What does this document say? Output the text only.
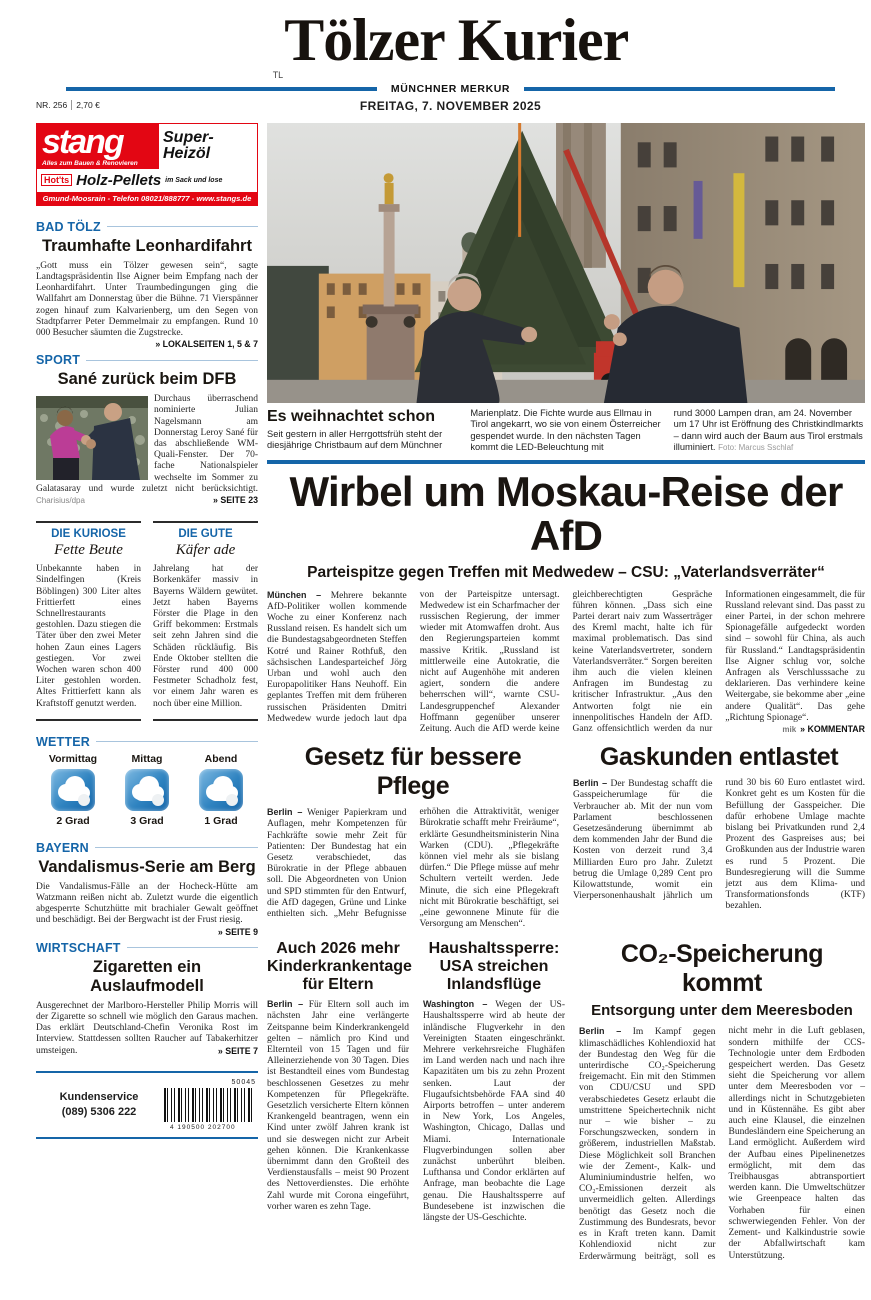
TLTölzer Kurier
MÜNCHNER MERKUR
NR. 256 2,70 €	FREITAG, 7. NOVEMBER 2025
stang
Alles zum Bauen & Renovieren
Super-Heizöl
Hot'ts Holz-Pellets im Sack und lose
Gmund-Moosrain - Telefon 08021/888777 - www.stangs.de
BAD TÖLZ
Traumhafte Leonhardifahrt

„Gott muss ein Tölzer gewesen sein“, sagte Landtagspräsidentin Ilse Aigner beim Empfang nach der Leonhardifahrt. Unter Traumbedingungen ging die Wallfahrt am Donnerstag über die Bühne. 71 Vierspänner zogen hinauf zum Kalvarienberg, um den Segen von Stadtpfarrer Peter Demmelmair zu empfangen. Rund 10 000 Besucher säumten die Zugstrecke.
» LOKALSEITEN 1, 5 & 7

SPORT
Sané zurück beim DFB
Durchaus überraschend nominierte Julian Nagelsmann am Donnerstag Leroy Sané für das abschließende WM-Quali-Fenster. Der 70-fache Nationalspieler wechselte im Sommer zu Galatasaray und wurde zuletzt nicht berücksichtigt. Charisius/dpa	» SEITE 23
DIE KURIOSE
Fette Beute

Unbekannte haben in Sindelfingen (Kreis Böblingen) 300 Liter altes Frittierfett eines Schnellrestaurants gestohlen. Dazu stiegen die Täter über den zwei Meter hohen Zaun eines Lagers gestiegen. Vor zwei Wochen waren schon 400 Liter gestohlen worden. Altes Frittierfett kann als Kraftstoff genutzt werden.

DIE GUTE
Käfer ade

Jahrelang hat der Borkenkäfer massiv in Bayerns Wäldern gewütet. Jetzt haben Bayerns Förster die Plage in den Griff bekommen: Erstmals seit zehn Jahren sind die Schäden rückläufig. Bis Ende Oktober stellten die Förster rund 400 000 Festmeter Schadholz fest, vor einem Jahr waren es noch über eine Million.

WETTER
Vormittag
2 Grad
Mittag
3 Grad
Abend
1 Grad
BAYERN
Vandalismus-Serie am Berg

Die Vandalismus-Fälle an der Hocheck-Hütte am Watzmann reißen nicht ab. Zuletzt wurde die eigentlich abgesperrte Schutzhütte mit brachialer Gewalt geöffnet und beschädigt. Bei der Bergwacht ist der Frust riesig.
» SEITE 9

WIRTSCHAFT
Zigaretten ein Auslaufmodell

Ausgerechnet der Marlboro-Hersteller Philip Morris will der Zigarette so schnell wie möglich den Garaus machen. Das erklärt Deutschland-Chefin Veronika Rost im Interview. Stattdessen sollten Raucher auf Tabakerhitzer umsteigen.	» SEITE 7

Kundenservice
(089) 5306 222
50045
4 190500 202700
Es weihnachtet schon

Seit gestern in aller Herrgottsfrüh steht der diesjährige Christbaum auf dem Münchner

Marienplatz. Die Fichte wurde aus Ellmau in Tirol angekarrt, wo sie von einem Österreicher gespendet wurde. In den nächsten Tagen kommt die LED-Beleuchtung mit

rund 3000 Lampen dran, am 24. November um 17 Uhr ist Eröffnung des Christkindlmarkts – dann wird auch der Baum aus Tirol erstmals illuminiert. Foto: Marcus Sschlaf

Wirbel um Moskau-Reise der AfD
Parteispitze gegen Treffen mit Medwedew – CSU: „Vaterlandsverräter“

München – Mehrere bekannte AfD-Politiker wollen kommende Woche zu einer Konferenz nach Russland reisen. Es handelt sich um die Bundestagsabgeordneten Steffen Kotré und Rainer Rothfuß, den sächsischen Landesparteichef Jörg Urban und wohl auch den Europapolitiker Hans Neuhoff. Ein geplantes Treffen mit dem früheren russischen Präsidenten Dmitri Medwedew wurde jedoch laut dpa von der Parteispitze untersagt. Medwedew ist ein Scharfmacher der russischen Regierung, der immer wieder mit Atomwaffen droht. Aus den Regierungsparteien kommt massive Kritik. „Russland ist mittlerweile eine Autokratie, die nicht auf Augenhöhe mit anderen agiert, sondern die andere beherrschen will“, warnte CSU-Landesgruppenchef Alexander Hoffmann gegenüber unserer Zeitung. Auch die AfD werde keine gleichberechtigten Gespräche führen können. „Dass sich eine Partei derart naiv zum Wasserträger des Kreml macht, halte ich für maximal problematisch. Das sind keine Vaterlandsvertreter, sondern Vaterlandsverräter.“ Sorgen bereiten ihm auch die vielen kleinen Anfragen im Bundestag zu kritischer Infrastruktur. „Aus den Antworten folgt nie ein innenpolitisches Handeln der AfD. Ganz offensichtlich werden da nur Informationen eingesammelt, die für Russland relevant sind. Das passt zu einer Partei, in der schon mehrere Spionagefälle aufgedeckt worden sind – sowohl für China, als auch für Russland.“ Landtagspräsidentin Ilse Aigner schlug vor, solche Anfragen als Verschlusssache zu deklarieren. Das verhindere keine Weitergabe, sie bekomme aber „eine andere Qualität“. Das gehe „Richtung Spionage“.
mik » KOMMENTAR

Gesetz für bessere Pflege

Berlin – Weniger Papierkram und Auflagen, mehr Kompetenzen für Fachkräfte sowie mehr Zeit für Patienten: Der Bundestag hat ein Gesetz verabschiedet, das Bürokratie in der Pflege abbauen soll. Die Abgeordneten von Union und SPD stimmten für den Entwurf, die AfD dagegen, Grüne und Linke enthielten sich. „Mehr Befugnisse erhöhen die Attraktivität, weniger Bürokratie schafft mehr Freiräume“, erklärte Gesundheitsministerin Nina Warken (CDU). „Pflegekräfte können viel mehr als sie bislang dürfen.“ Die Pflege müsse auf mehr Schultern verteilt werden. Jede Minute, die sich eine Pflegekraft nicht mit Bürokratie beschäftigt, sei „eine gewonnene Minute für die Versorgung am Menschen“.

Gaskunden entlastet

Berlin – Der Bundestag schafft die Gasspeicherumlage für die Verbraucher ab. Mit der nun vom Parlament beschlossenen Gesetzesänderung übernimmt ab dem kommenden Jahr der Bund die Kosten von derzeit rund 3,4 Milliarden Euro pro Jahr. Zuletzt betrug die Umlage 0,289 Cent pro Kilowattstunde, womit ein Vierpersonenhaushalt jährlich um rund 30 bis 60 Euro entlastet wird. Konkret geht es um Kosten für die Befüllung der Gasspeicher. Die dafür erhobene Umlage machte bislang bei Privatkunden rund 2,4 Prozent des Gaspreises aus; bei Großkunden aus der Industrie waren es rund 5 Prozent. Die Bundesregierung will die Summe jetzt aus dem Klima- und Transformationsfonds (KTF) bezahlen.

Auch 2026 mehr Kinderkrankentage für Eltern

Berlin – Für Eltern soll auch im nächsten Jahr eine verlängerte Zeitspanne beim Kinderkrankengeld gelten – nämlich pro Kind und Elternteil von 15 Tagen und für Alleinerziehende von 30 Tagen. Dies ist Bestandteil eines vom Bundestag beschlossenen Gesetzes zu mehr Kompetenzen für Pflegekräfte. Gesetzlich versicherte Eltern können Krankengeld beantragen, wenn ein Kind unter zwölf Jahren krank ist und sie deswegen nicht zur Arbeit gehen können. Die Krankenkasse übernimmt dann den Großteil des Verdienstausfalls – meist 90 Prozent des Nettoverdienstes. Die erhöhte Zahl wurde mit Corona eingeführt, vorher waren es zehn Tage.

Haushaltssperre: USA streichen Inlandsflüge

Washington – Wegen der US-Haushaltssperre wird ab heute der inländische Flugverkehr in den Vereinigten Staaten eingeschränkt. Mehrere verkehrsreiche Flughäfen im Land werden nach und nach ihre Kapazitäten um bis zu zehn Prozent senken. Laut der Flugaufsichtsbehörde FAA sind 40 Airports betroffen – unter anderem in New York, Los Angeles, Washington, Chicago, Dallas und Miami. Internationale Flugverbindungen sollen aber zunächst unberührt bleiben. Lufthansa und Condor erklärten auf Anfrage, man beobachte die Lage genau. Die Haushaltssperre auf Bundesebene ist inzwischen die längste der US-Geschichte.

CO₂-Speicherung kommt
Entsorgung unter dem Meeresboden

Berlin – Im Kampf gegen klimaschädliches Kohlendioxid hat der Bundestag den Weg für die unterirdische CO₂-Speicherung freigemacht. Ein mit den Stimmen von CDU/CSU und SPD verabschiedetes Gesetz erlaubt die umstrittene Speichertechnik nicht nur – wie bisher – zu Forschungszwecken, sondern in größerem, industriellen Maßstab. Diese Möglichkeit soll Branchen wie der Zement-, Kalk- und Aluminiumindustrie helfen, wo CO₂-Emissionen derzeit als unvermeidlich gelten. Allerdings benötigt das Gesetz noch die Zustimmung des Bundesrats, bevor es in Kraft treten kann. Damit Kohlendioxid nicht zur Erderwärmung beiträgt, soll es nicht mehr in die Luft geblasen, sondern mithilfe der CCS-Technologie unter dem Erdboden gespeichert werden. Das Gesetz sieht die Speicherung vor allem unter dem Meeresboden vor – allerdings nicht in Schutzgebieten und in Küstennähe. Es gibt aber auch eine Klausel, die einzelnen Bundesländern eine Speicherung an Land ermöglicht. Außerdem wird der Aufbau eines Pipelinenetzes ermöglicht, mit dem das Treibhausgas abtransportiert werden kann. Die Umweltschützer wie Greenpeace halten das Vorhaben für einen schwerwiegenden Fehler. Von der Zement- und Kalkindustrie sowie der Abfallwirtschaft kam Unterstützung.
